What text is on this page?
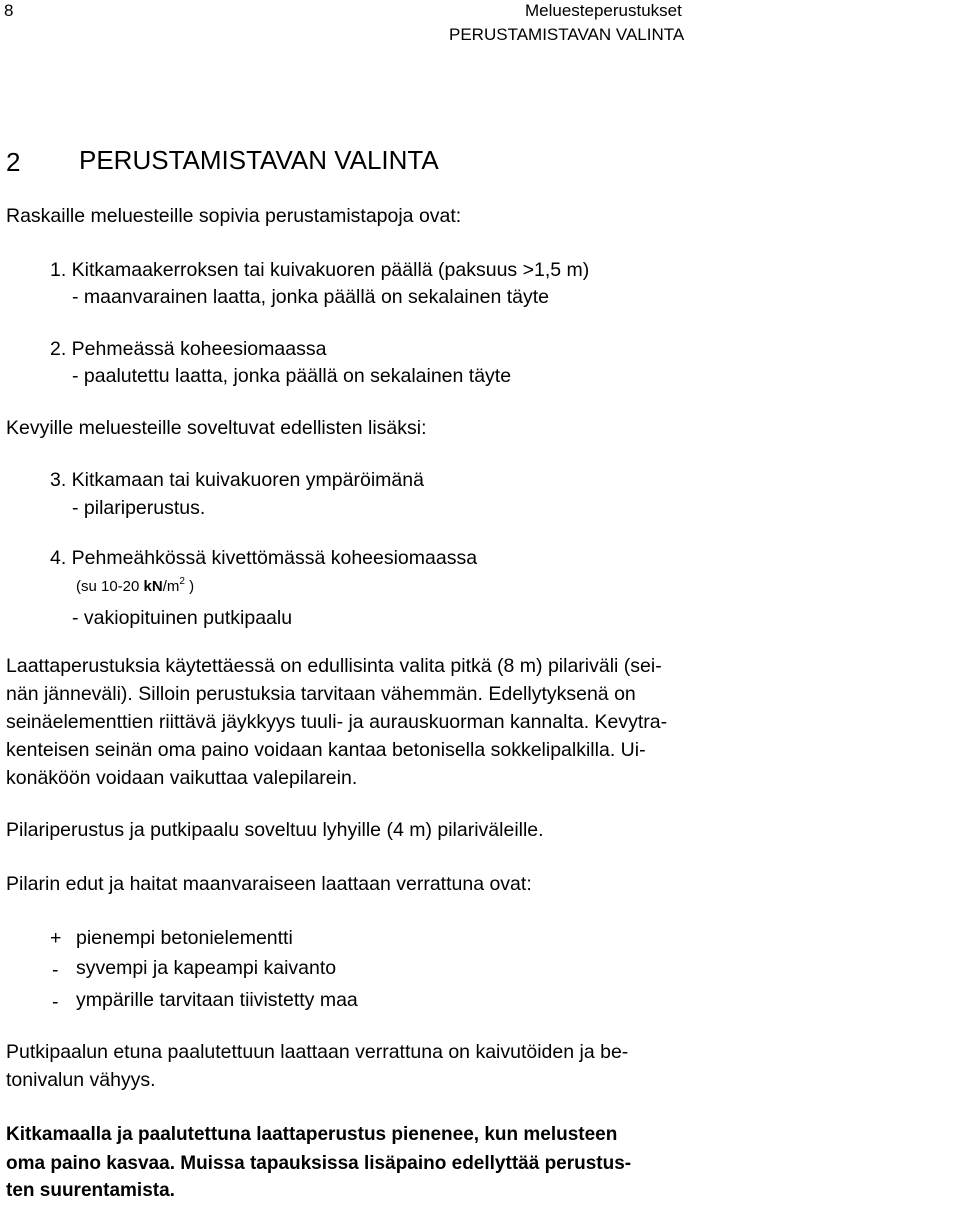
8	Meluesteperustukset
PERUSTAMISTAVAN VALINTA
2 PERUSTAMISTAVAN VALINTA
Raskaille meluesteille sopivia perustamistapoja ovat:
1. Kitkamaakerroksen tai kuivakuoren päällä (paksuus >1,5 m)
- maanvarainen laatta, jonka päällä on sekalainen täyte
2. Pehmeässä koheesiomaassa
- paalutettu laatta, jonka päällä on sekalainen täyte
Kevyille meluesteille soveltuvat edellisten lisäksi:
3. Kitkamaan tai kuivakuoren ympäröimänä
- pilariperustus.
4. Pehmeähkössä kivettömässä koheesiomaassa
(su 10-20 $kN/m^2$ )
- vakiopituinen putkipaalu
Laattaperustuksia käytettäessä on edullisinta valita pitkä (8 m) pilariväli (sei-
nän jänneväli). Silloin perustuksia tarvitaan vähemmän. Edellytyksenä on
seinäelementtien riittävä jäykkyys tuuli- ja aurauskuorman kannalta. Kevytra-
kenteisen seinän oma paino voidaan kantaa betonisella sokkelipalkilla. Ui-
konäköön voidaan vaikuttaa valepilarein.
Pilariperustus ja putkipaalu soveltuu lyhyille (4 m) pilariväleille.
Pilarin edut ja haitat maanvaraiseen laattaan verrattuna ovat:
+ pienempi betonielementti
- syvempi ja kapeampi kaivanto
- ympärille tarvitaan tiivistetty maa
Putkipaalun etuna paalutettuun laattaan verrattuna on kaivutöiden ja be-
tonivalun vähyys.
Kitkamaalla ja paalutettuna laattaperustus pienenee, kun melusteen
oma paino kasvaa. Muissa tapauksissa lisäpaino edellyttää perustus-
ten suurentamista.
